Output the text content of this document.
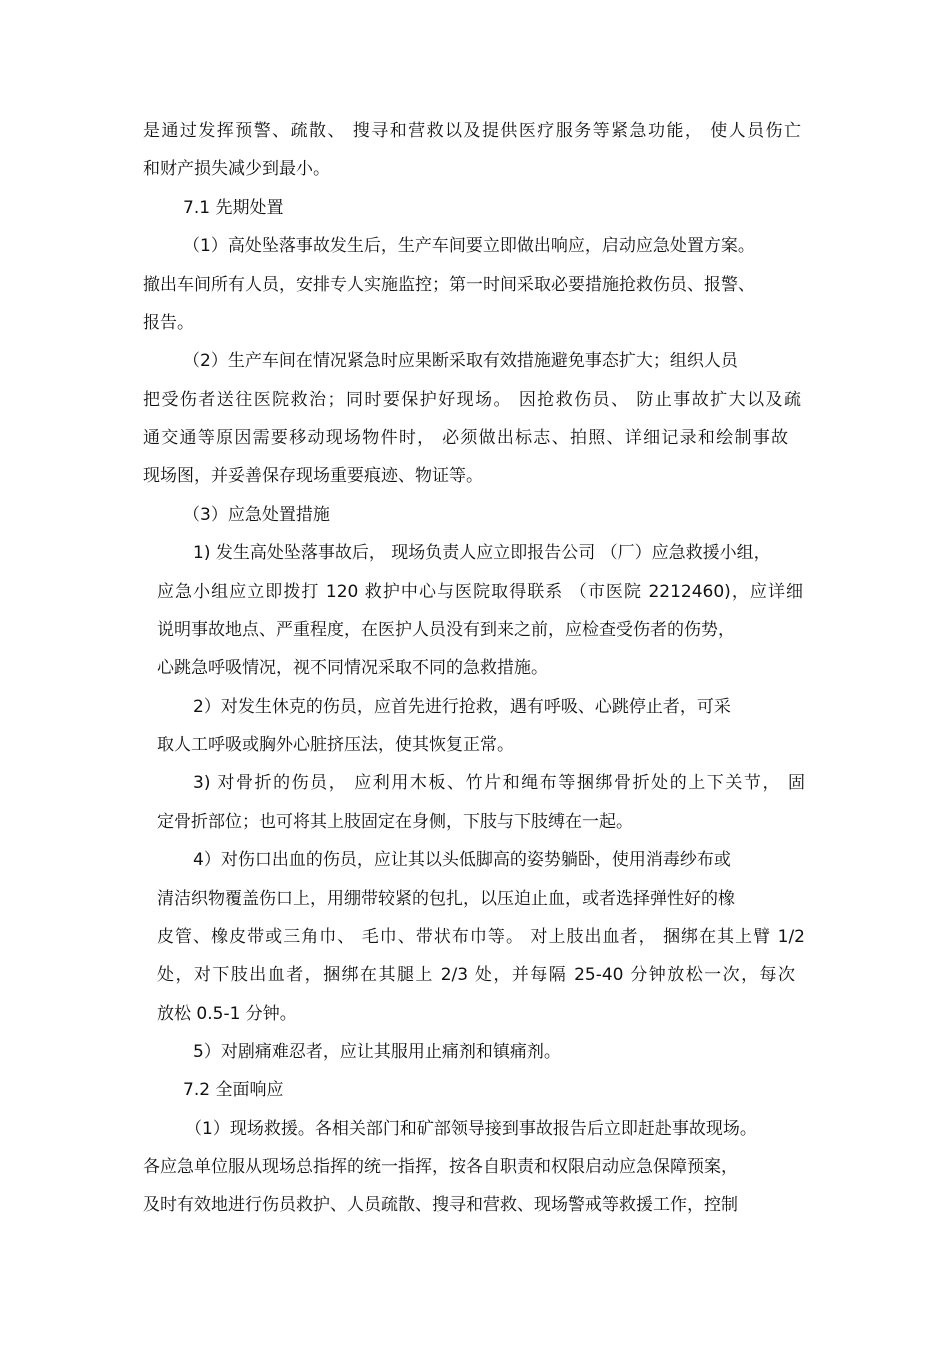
是通过发挥预警、疏散、 搜寻和营救以及提供医疗服务等紧急功能， 使人员伤亡
和财产损失减少到最小。
7.1 先期处置
（1）高处坠落事故发生后，生产车间要立即做出响应，启动应急处置方案。
撤出车间所有人员，安排专人实施监控；第一时间采取必要措施抢救伤员、报警、
报告。
（2）生产车间在情况紧急时应果断采取有效措施避免事态扩大；组织人员
把受伤者送往医院救治；同时要保护好现场。 因抢救伤员、 防止事故扩大以及疏
通交通等原因需要移动现场物件时， 必须做出标志、拍照、详细记录和绘制事故
现场图，并妥善保存现场重要痕迹、物证等。
（3）应急处置措施
1) 发生高处坠落事故后， 现场负责人应立即报告公司 （厂）应急救援小组，
应急小组应立即拨打 120 救护中心与医院取得联系 （市医院 2212460)，应详细
说明事故地点、严重程度，在医护人员没有到来之前，应检查受伤者的伤势，
心跳急呼吸情况，视不同情况采取不同的急救措施。
2）对发生休克的伤员，应首先进行抢救，遇有呼吸、心跳停止者，可采
取人工呼吸或胸外心脏挤压法，使其恢复正常。
3) 对骨折的伤员， 应利用木板、竹片和绳布等捆绑骨折处的上下关节， 固
定骨折部位；也可将其上肢固定在身侧，下肢与下肢缚在一起。
4）对伤口出血的伤员，应让其以头低脚高的姿势躺卧，使用消毒纱布或
清洁织物覆盖伤口上，用绷带较紧的包扎，以压迫止血，或者选择弹性好的橡
皮管、橡皮带或三角巾、 毛巾、带状布巾等。 对上肢出血者， 捆绑在其上臂 1/2
处，对下肢出血者，捆绑在其腿上 2/3 处，并每隔 25-40 分钟放松一次，每次
放松 0.5-1 分钟。
5）对剧痛难忍者，应让其服用止痛剂和镇痛剂。
7.2 全面响应
（1）现场救援。各相关部门和矿部领导接到事故报告后立即赶赴事故现场。
各应急单位服从现场总指挥的统一指挥，按各自职责和权限启动应急保障预案，
及时有效地进行伤员救护、人员疏散、搜寻和营救、现场警戒等救援工作，控制
